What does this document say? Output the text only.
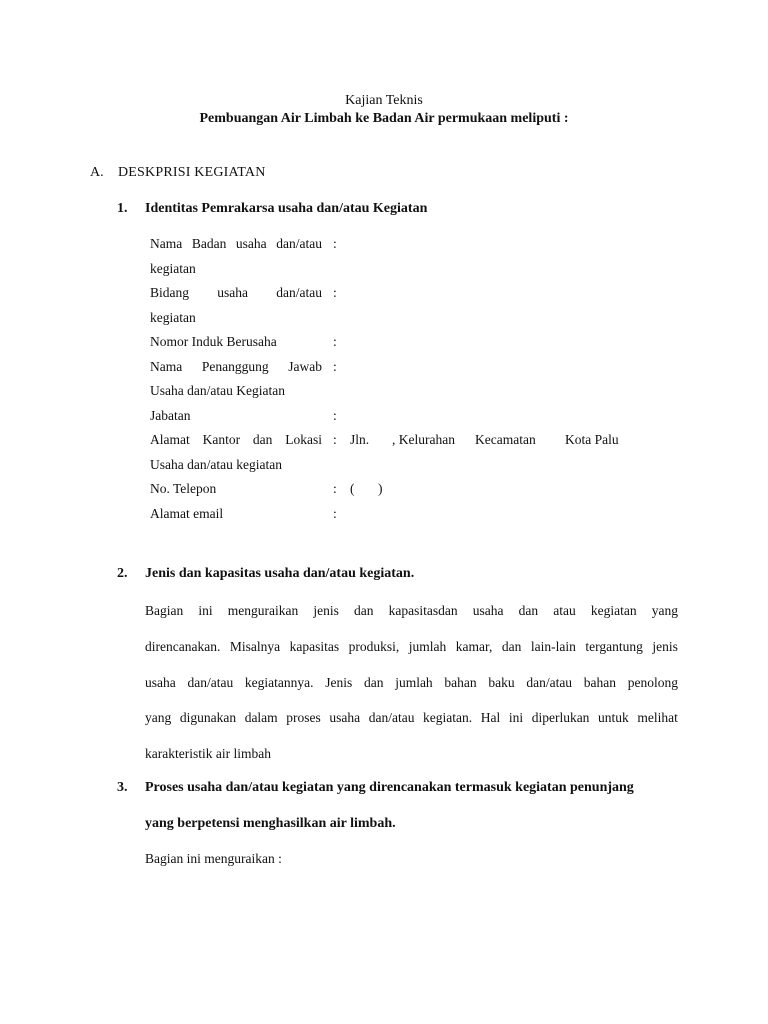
Kajian Teknis
Pembuangan Air Limbah ke Badan Air permukaan meliputi :
A. DESKPRISI KEGIATAN
1. Identitas Pemrakarsa usaha dan/atau Kegiatan
Nama Badan usaha dan/atau
kegiatan
:
Bidang usaha dan/atau
kegiatan
:
Nomor Induk Berusaha	:
Nama Penanggung Jawab
Usaha dan/atau Kegiatan
:
Jabatan	:
Alamat Kantor dan Lokasi
Usaha dan/atau kegiatan
: Jln. , Kelurahan Kecamatan Kota Palu
No. Telepon	: ( )
Alamat email	:
2. Jenis dan kapasitas usaha dan/atau kegiatan.
Bagian ini menguraikan jenis dan kapasitasdan usaha dan atau kegiatan yang
direncanakan. Misalnya kapasitas produksi, jumlah kamar, dan lain-lain tergantung jenis
usaha dan/atau kegiatannya. Jenis dan jumlah bahan baku dan/atau bahan penolong
yang digunakan dalam proses usaha dan/atau kegiatan. Hal ini diperlukan untuk melihat
karakteristik air limbah
3. Proses usaha dan/atau kegiatan yang direncanakan termasuk kegiatan penunjang
yang berpetensi menghasilkan air limbah.
Bagian ini menguraikan :
